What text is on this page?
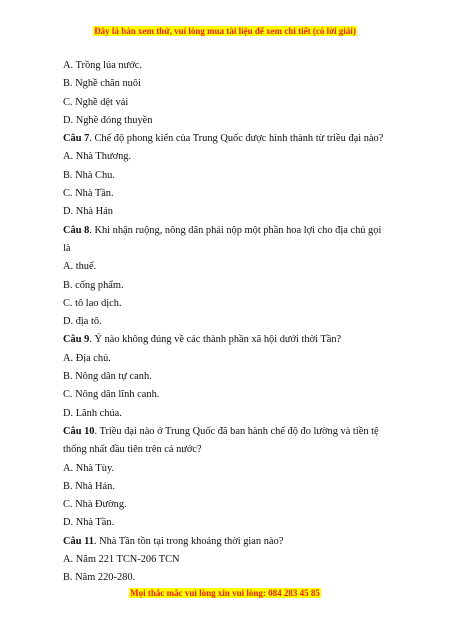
Đây là bản xem thử, vui lòng mua tài liệu để xem chi tiết (có lời giải)
A. Trồng lúa nước.
B. Nghề chăn nuôi
C. Nghề dệt vải
D. Nghề đóng thuyền
Câu 7. Chế độ phong kiến của Trung Quốc được hình thành từ triều đại nào?
A. Nhà Thương.
B. Nhà Chu.
C. Nhà Tần.
D. Nhà Hán
Câu 8. Khi nhận ruộng, nông dân phải nộp một phần hoa lợi cho địa chủ gọi là
A. thuế.
B. cống phẩm.
C. tô lao dịch.
D. địa tô.
Câu 9. Ý nào không đúng về các thành phần xã hội dưới thời Tần?
A. Địa chủ.
B. Nông dân tự canh.
C. Nông dân lĩnh canh.
D. Lãnh chúa.
Câu 10. Triều đại nào ở Trung Quốc đã ban hành chế độ đo lường và tiền tệ thống nhất đầu tiên trên cả nước?
A. Nhà Tùy.
B. Nhà Hán.
C. Nhà Đường.
D. Nhà Tần.
Câu 11. Nhà Tần tồn tại trong khoảng thời gian nào?
A. Năm 221 TCN-206 TCN
B. Năm 220-280.
Mọi thắc mắc vui lòng xin vui lòng: 084 283 45 85
